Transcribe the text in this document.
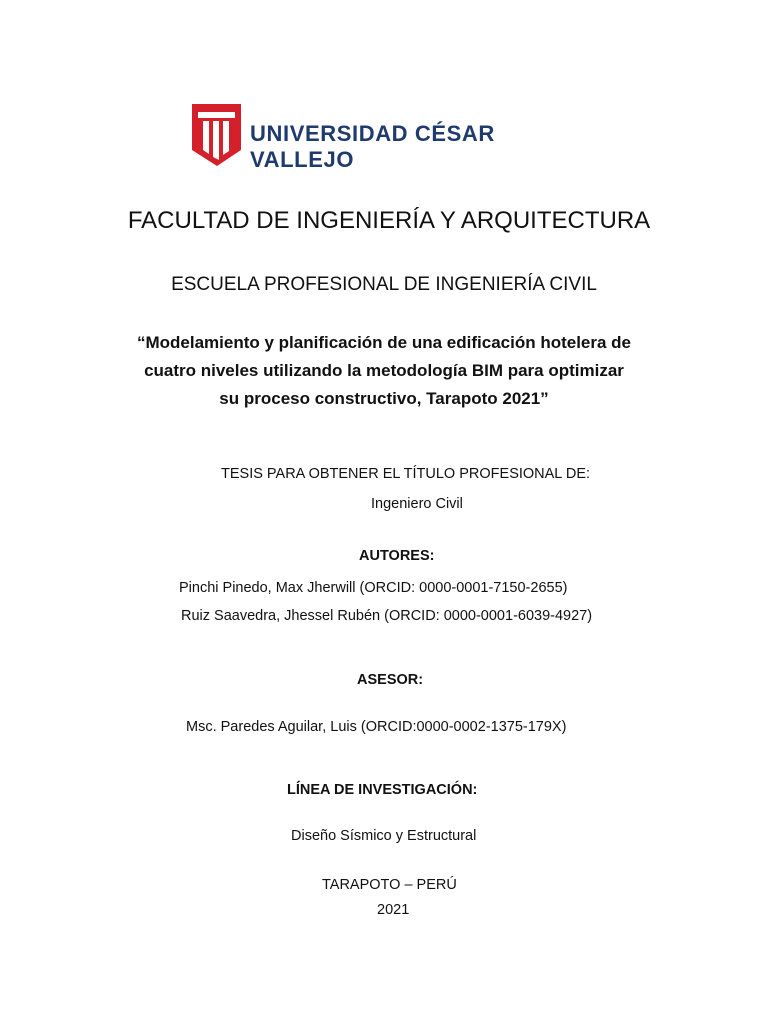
UNIVERSIDAD CÉSAR VALLEJO
FACULTAD DE INGENIERÍA Y ARQUITECTURA
ESCUELA PROFESIONAL DE INGENIERÍA CIVIL
“Modelamiento y planificación de una edificación hotelera de
cuatro niveles utilizando la metodología BIM para optimizar
su proceso constructivo, Tarapoto 2021”
TESIS PARA OBTENER EL TÍTULO PROFESIONAL DE:
Ingeniero Civil
AUTORES:
Pinchi Pinedo, Max Jherwill (ORCID: 0000-0001-7150-2655)
Ruiz Saavedra, Jhessel Rubén (ORCID: 0000-0001-6039-4927)
ASESOR:
Msc. Paredes Aguilar, Luis (ORCID:0000-0002-1375-179X)
LÍNEA DE INVESTIGACIÓN:
Diseño Sísmico y Estructural
TARAPOTO – PERÚ
2021
